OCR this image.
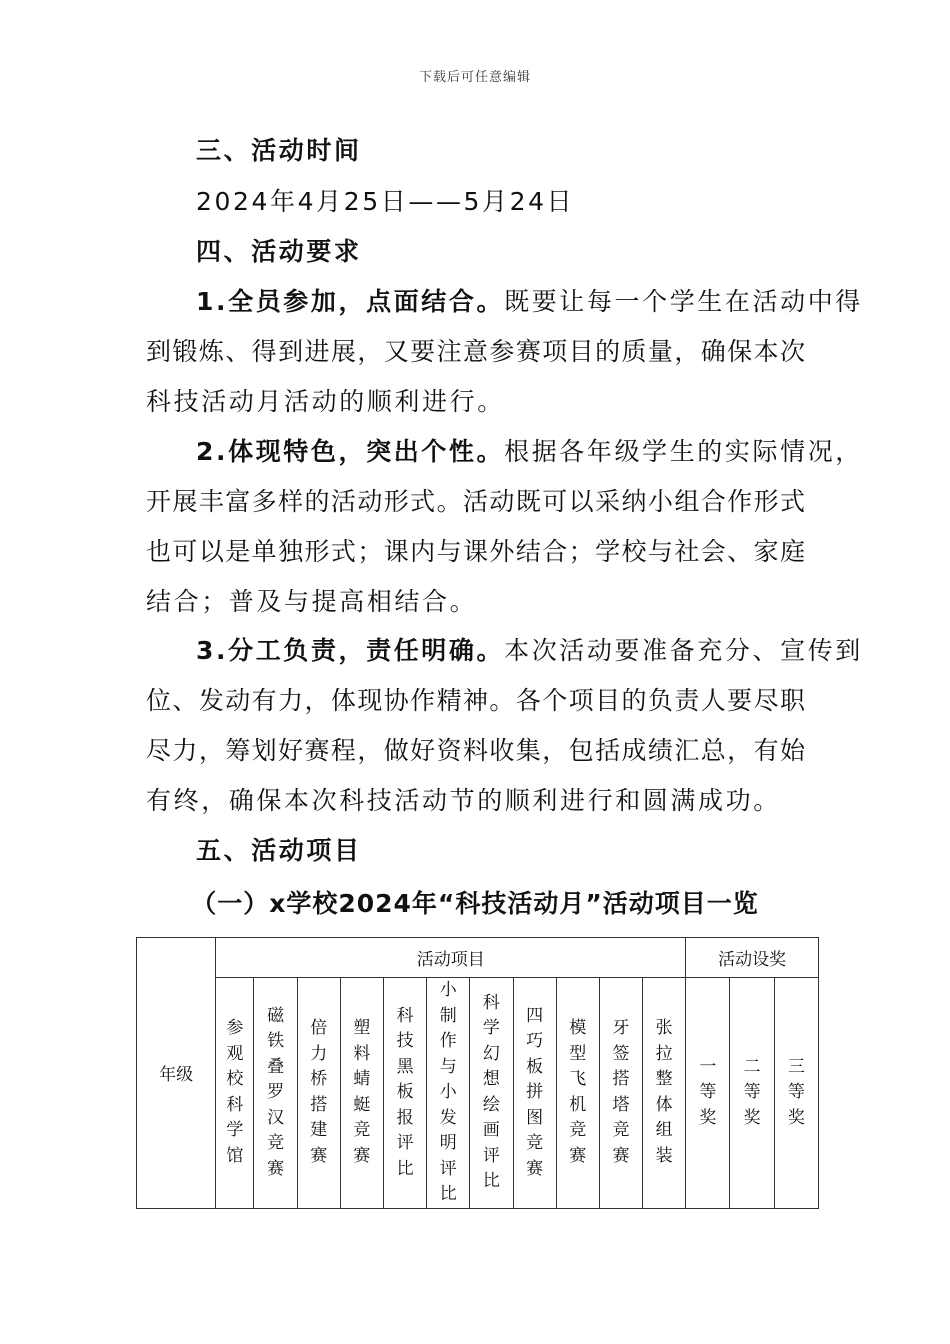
下载后可任意编辑
三、活动时间
2024年4月25日——5月24日
四、活动要求
1.全员参加，点面结合。既要让每一个学生在活动中得
到锻炼、得到进展，又要注意参赛项目的质量，确保本次
科技活动月活动的顺利进行。
2.体现特色，突出个性。根据各年级学生的实际情况，
开展丰富多样的活动形式。活动既可以采纳小组合作形式
也可以是单独形式；课内与课外结合；学校与社会、家庭
结合；普及与提高相结合。
3.分工负责，责任明确。本次活动要准备充分、宣传到
位、发动有力，体现协作精神。各个项目的负责人要尽职
尽力，筹划好赛程，做好资料收集，包括成绩汇总，有始
有终，确保本次科技活动节的顺利进行和圆满成功。
五、活动项目
（一）x学校2024年“科技活动月”活动项目一览
年级	活动项目											活动设奖		
	参观校科学馆	磁铁叠罗汉竞赛	倍力桥搭建赛	塑料蜻蜓竞赛	科技黑板报评比	小制作与小发明评比	科学幻想绘画评比	四巧板拼图竞赛	模型飞机竞赛	牙签搭塔竞赛	张拉整体组装	一等奖	二等奖	三等奖
